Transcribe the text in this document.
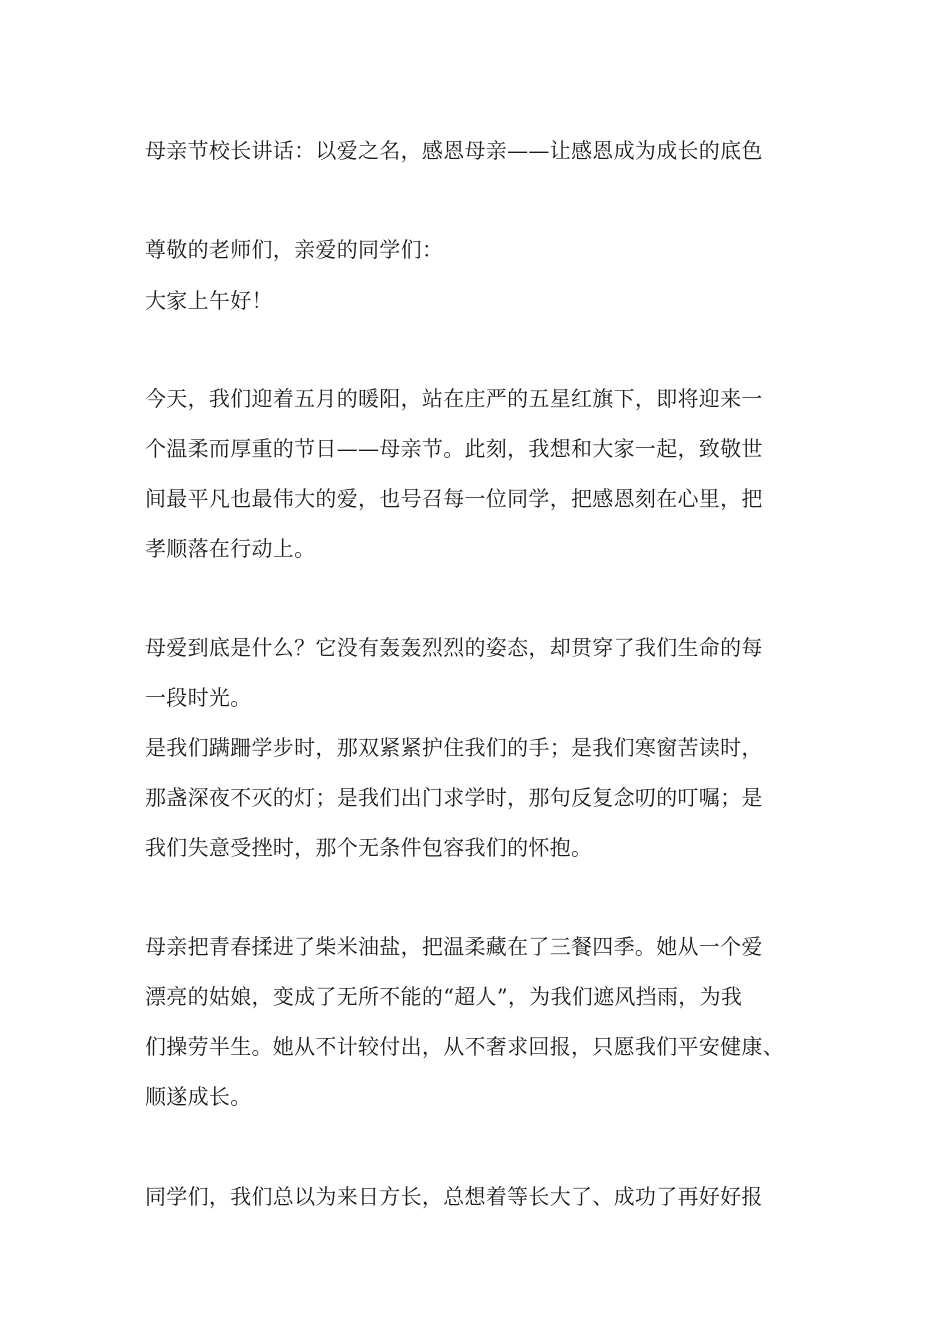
母亲节校长讲话：以爱之名，感恩母亲——让感恩成为成长的底色
尊敬的老师们，亲爱的同学们：
大家上午好！
今天，我们迎着五月的暖阳，站在庄严的五星红旗下，即将迎来一
个温柔而厚重的节日——母亲节。此刻，我想和大家一起，致敬世
间最平凡也最伟大的爱，也号召每一位同学，把感恩刻在心里，把
孝顺落在行动上。
母爱到底是什么？它没有轰轰烈烈的姿态，却贯穿了我们生命的每
一段时光。
是我们蹒跚学步时，那双紧紧护住我们的手；是我们寒窗苦读时，
那盏深夜不灭的灯；是我们出门求学时，那句反复念叨的叮嘱；是
我们失意受挫时，那个无条件包容我们的怀抱。
母亲把青春揉进了柴米油盐，把温柔藏在了三餐四季。她从一个爱
漂亮的姑娘，变成了无所不能的“超人”，为我们遮风挡雨，为我
们操劳半生。她从不计较付出，从不奢求回报，只愿我们平安健康、
顺遂成长。
同学们，我们总以为来日方长，总想着等长大了、成功了再好好报
